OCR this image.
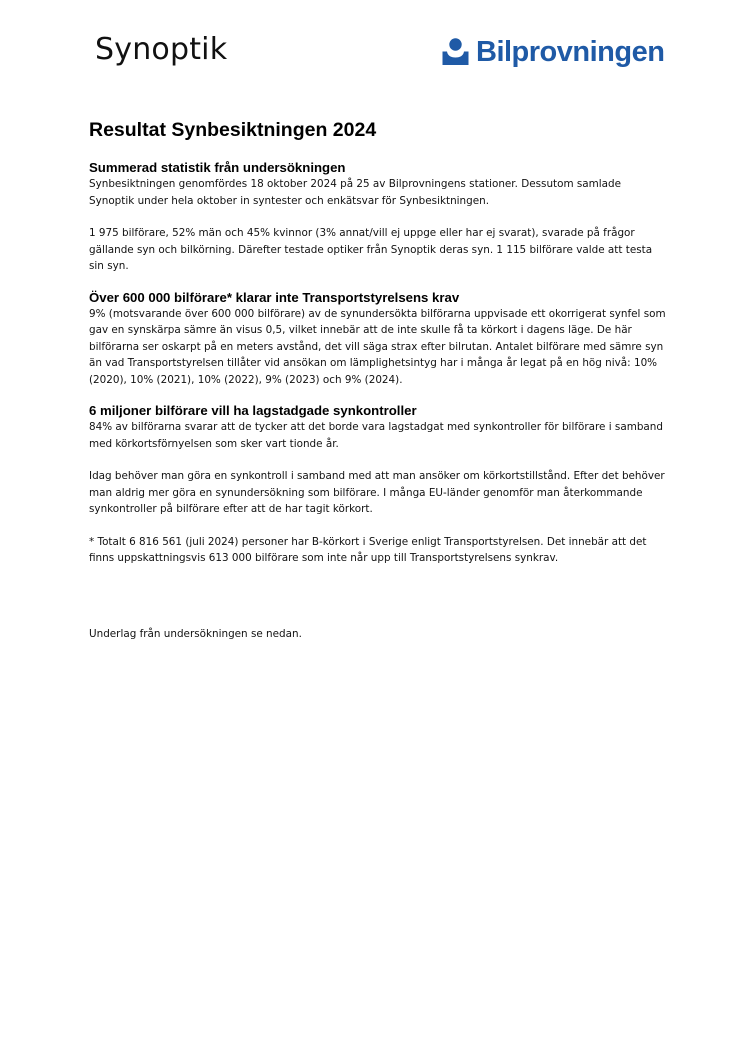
Synoptik	Bilprovningen
Resultat Synbesiktningen 2024
Summerad statistik från undersökningen

Synbesiktningen genomfördes 18 oktober 2024 på 25 av Bilprovningens stationer. Dessutom samlade Synoptik under hela oktober in syntester och enkätsvar för Synbesiktningen.

1 975 bilförare, 52% män och 45% kvinnor (3% annat/vill ej uppge eller har ej svarat), svarade på frågor gällande syn och bilkörning. Därefter testade optiker från Synoptik deras syn. 1 115 bilförare valde att testa sin syn.

Över 600 000 bilförare* klarar inte Transportstyrelsens krav

9% (motsvarande över 600 000 bilförare) av de synundersökta bilförarna uppvisade ett okorrigerat synfel som gav en synskärpa sämre än visus 0,5, vilket innebär att de inte skulle få ta körkort i dagens läge. De här bilförarna ser oskarpt på en meters avstånd, det vill säga strax efter bilrutan. Antalet bilförare med sämre syn än vad Transportstyrelsen tillåter vid ansökan om lämplighetsintyg har i många år legat på en hög nivå: 10% (2020), 10% (2021), 10% (2022), 9% (2023) och 9% (2024).

6 miljoner bilförare vill ha lagstadgade synkontroller

84% av bilförarna svarar att de tycker att det borde vara lagstadgat med synkontroller för bilförare i samband med körkortsförnyelsen som sker vart tionde år.

Idag behöver man göra en synkontroll i samband med att man ansöker om körkortstillstånd. Efter det behöver man aldrig mer göra en synundersökning som bilförare. I många EU-länder genomför man återkommande synkontroller på bilförare efter att de har tagit körkort.

* Totalt 6 816 561 (juli 2024) personer har B-körkort i Sverige enligt Transportstyrelsen. Det innebär att det finns uppskattningsvis 613 000 bilförare som inte når upp till Transportstyrelsens synkrav.

Underlag från undersökningen se nedan.
